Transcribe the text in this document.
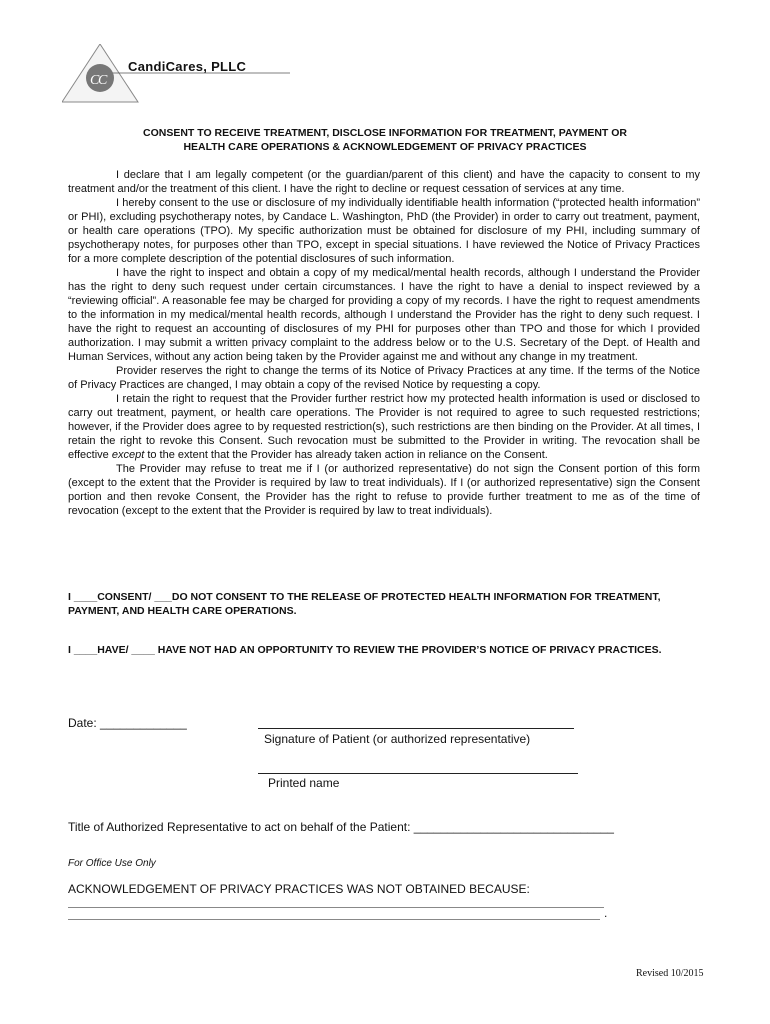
C
C
CandiCares, PLLC
CONSENT TO RECEIVE TREATMENT, DISCLOSE INFORMATION FOR TREATMENT, PAYMENT OR
HEALTH CARE OPERATIONS & ACKNOWLEDGEMENT OF PRIVACY PRACTICES

I declare that I am legally competent (or the guardian/parent of this client) and have the capacity to consent to my treatment and/or the treatment of this client. I have the right to decline or request cessation of services at any time.

I hereby consent to the use or disclosure of my individually identifiable health information (“protected health information” or PHI), excluding psychotherapy notes, by Candace L. Washington, PhD (the Provider) in order to carry out treatment, payment, or health care operations (TPO). My specific authorization must be obtained for disclosure of my PHI, including summary of psychotherapy notes, for purposes other than TPO, except in special situations. I have reviewed the Notice of Privacy Practices for a more complete description of the potential disclosures of such information.

I have the right to inspect and obtain a copy of my medical/mental health records, although I understand the Provider has the right to deny such request under certain circumstances. I have the right to have a denial to inspect reviewed by a “reviewing official”. A reasonable fee may be charged for providing a copy of my records. I have the right to request amendments to the information in my medical/mental health records, although I understand the Provider has the right to deny such request. I have the right to request an accounting of disclosures of my PHI for purposes other than TPO and those for which I provided authorization. I may submit a written privacy complaint to the address below or to the U.S. Secretary of the Dept. of Health and Human Services, without any action being taken by the Provider against me and without any change in my treatment.

Provider reserves the right to change the terms of its Notice of Privacy Practices at any time. If the terms of the Notice of Privacy Practices are changed, I may obtain a copy of the revised Notice by requesting a copy.

I retain the right to request that the Provider further restrict how my protected health information is used or disclosed to carry out treatment, payment, or health care operations. The Provider is not required to agree to such requested restrictions; however, if the Provider does agree to by requested restriction(s), such restrictions are then binding on the Provider. At all times, I retain the right to revoke this Consent. Such revocation must be submitted to the Provider in writing. The revocation shall be effective except to the extent that the Provider has already taken action in reliance on the Consent.

The Provider may refuse to treat me if I (or authorized representative) do not sign the Consent portion of this form (except to the extent that the Provider is required by law to treat individuals). If I (or authorized representative) sign the Consent portion and then revoke Consent, the Provider has the right to refuse to provide further treatment to me as of the time of revocation (except to the extent that the Provider is required by law to treat individuals).

I ____CONSENT/ ___DO NOT CONSENT TO THE RELEASE OF PROTECTED HEALTH INFORMATION FOR TREATMENT, PAYMENT, AND HEALTH CARE OPERATIONS.
I ____HAVE/ ____ HAVE NOT HAD AN OPPORTUNITY TO REVIEW THE PROVIDER’S NOTICE OF PRIVACY PRACTICES.
Date: _____________
Signature of Patient (or authorized representative)
Printed name
Title of Authorized Representative to act on behalf of the Patient: ______________________________
For Office Use Only
ACKNOWLEDGEMENT OF PRIVACY PRACTICES WAS NOT OBTAINED BECAUSE:
.
Revised 10/2015
